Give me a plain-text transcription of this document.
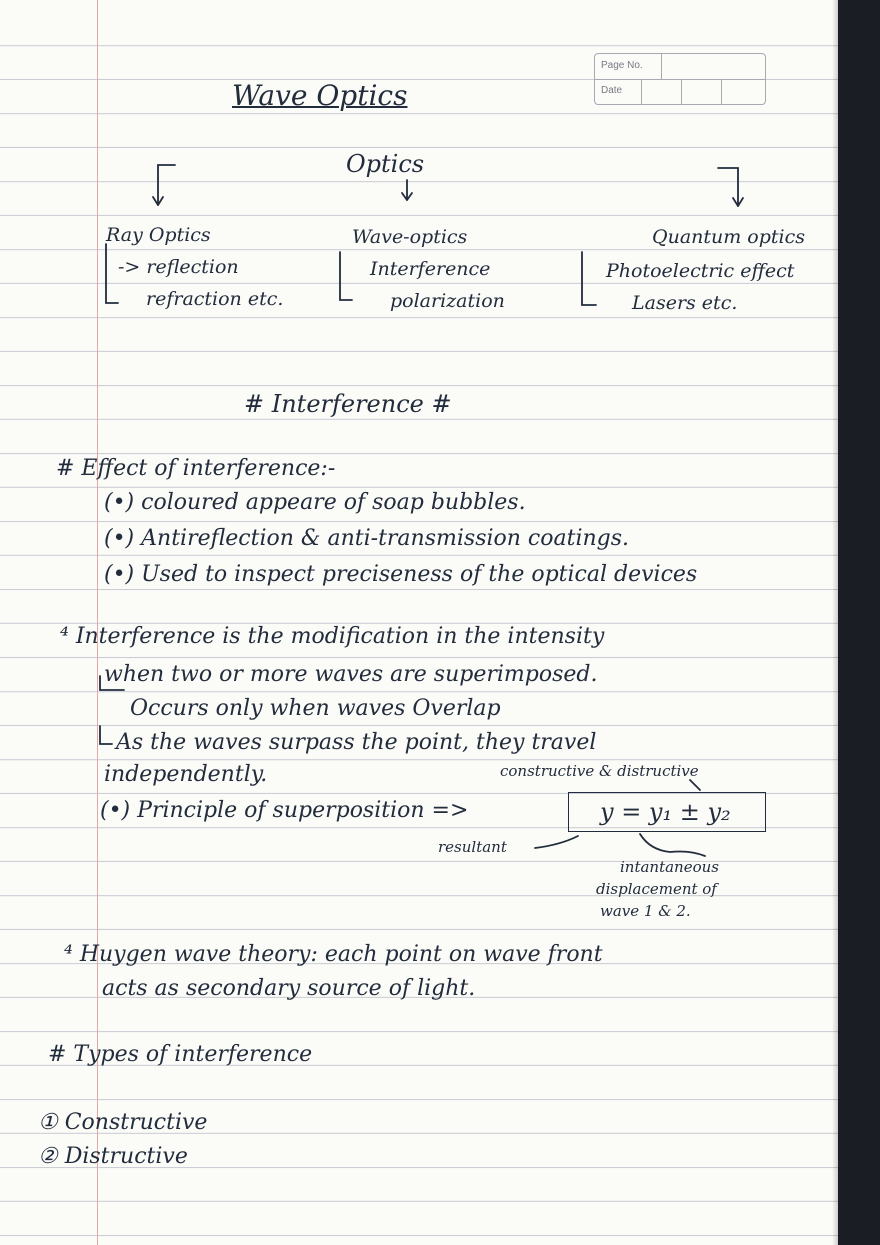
Page No.
Date
Wave Optics
Optics
Ray Optics
-> reflection
refraction etc.
Wave-optics
Interference
polarization
Quantum optics
Photoelectric effect
Lasers etc.
# Interference #
# Effect of interference:-
(•) coloured appeare of soap bubbles.
(•) Antireflection & anti-transmission coatings.
(•) Used to inspect preciseness of the optical devices
⁴ Interference is the modification in the intensity
when two or more waves are superimposed.
Occurs only when waves Overlap
As the waves surpass the point, they travel
independently.	constructive & distructive
(•) Principle of superposition =>	y = y₁ ± y₂
resultant
intantaneous
displacement of
wave 1 & 2.
⁴ Huygen wave theory: each point on wave front
acts as secondary source of light.
# Types of interference
① Constructive
② Distructive
